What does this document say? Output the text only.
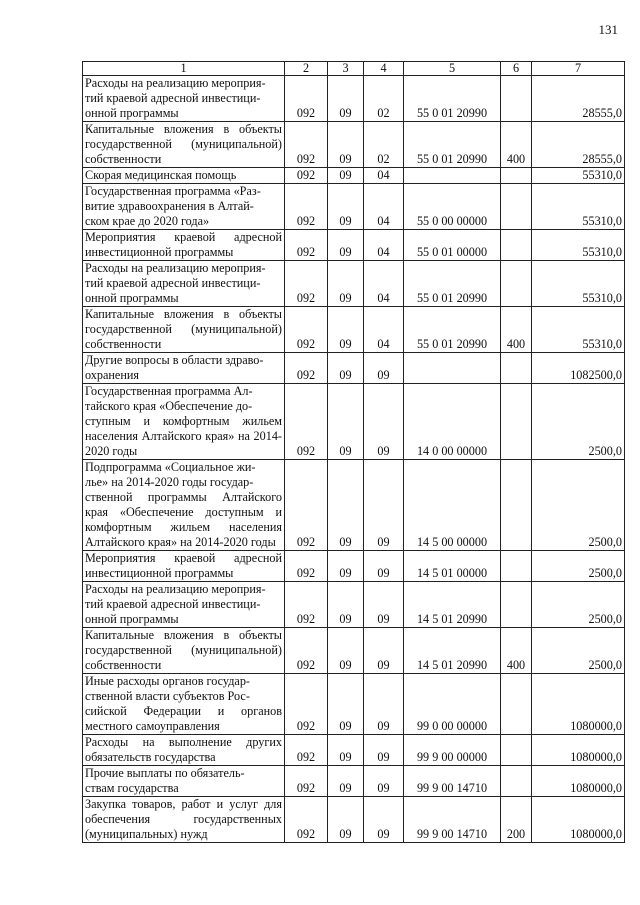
131
1	2	3	4	5	6	7
Расходы на реализацию мероприя-
тий краевой адресной инвестици-
онной программы	092	09	02	55 0 01 20990		28555,0
Капитальные вложения в объекты государственной (муниципальной) собственности	092	09	02	55 0 01 20990	400	28555,0
Скорая медицинская помощь	092	09	04			55310,0
Государственная программа «Раз-
витие здравоохранения в Алтай-
ском крае до 2020 года»	092	09	04	55 0 00 00000		55310,0
Мероприятия краевой адресной инвестиционной программы	092	09	04	55 0 01 00000		55310,0
Расходы на реализацию мероприя-
тий краевой адресной инвестици-
онной программы	092	09	04	55 0 01 20990		55310,0
Капитальные вложения в объекты государственной (муниципальной) собственности	092	09	04	55 0 01 20990	400	55310,0
Другие вопросы в области здраво-
охранения	092	09	09			1082500,0
Государственная программа Ал-
тайского края «Обеспечение до-
ступным и комфортным жильем населения Алтайского края» на 2014-2020 годы	092	09	09	14 0 00 00000		2500,0
Подпрограмма «Социальное жи-
лье» на 2014-2020 годы государ-
ственной программы Алтайского края «Обеспечение доступным и комфортным жильем населения Алтайского края» на 2014-2020 годы	092	09	09	14 5 00 00000		2500,0
Мероприятия краевой адресной инвестиционной программы	092	09	09	14 5 01 00000		2500,0
Расходы на реализацию мероприя-
тий краевой адресной инвестици-
онной программы	092	09	09	14 5 01 20990		2500,0
Капитальные вложения в объекты государственной (муниципальной) собственности	092	09	09	14 5 01 20990	400	2500,0
Иные расходы органов государ-
ственной власти субъектов Рос-
сийской Федерации и органов местного самоуправления	092	09	09	99 0 00 00000		1080000,0
Расходы на выполнение других обязательств государства	092	09	09	99 9 00 00000		1080000,0
Прочие выплаты по обязатель-
ствам государства	092	09	09	99 9 00 14710		1080000,0
Закупка товаров, работ и услуг для обеспечения государственных (муниципальных) нужд	092	09	09	99 9 00 14710	200	1080000,0
